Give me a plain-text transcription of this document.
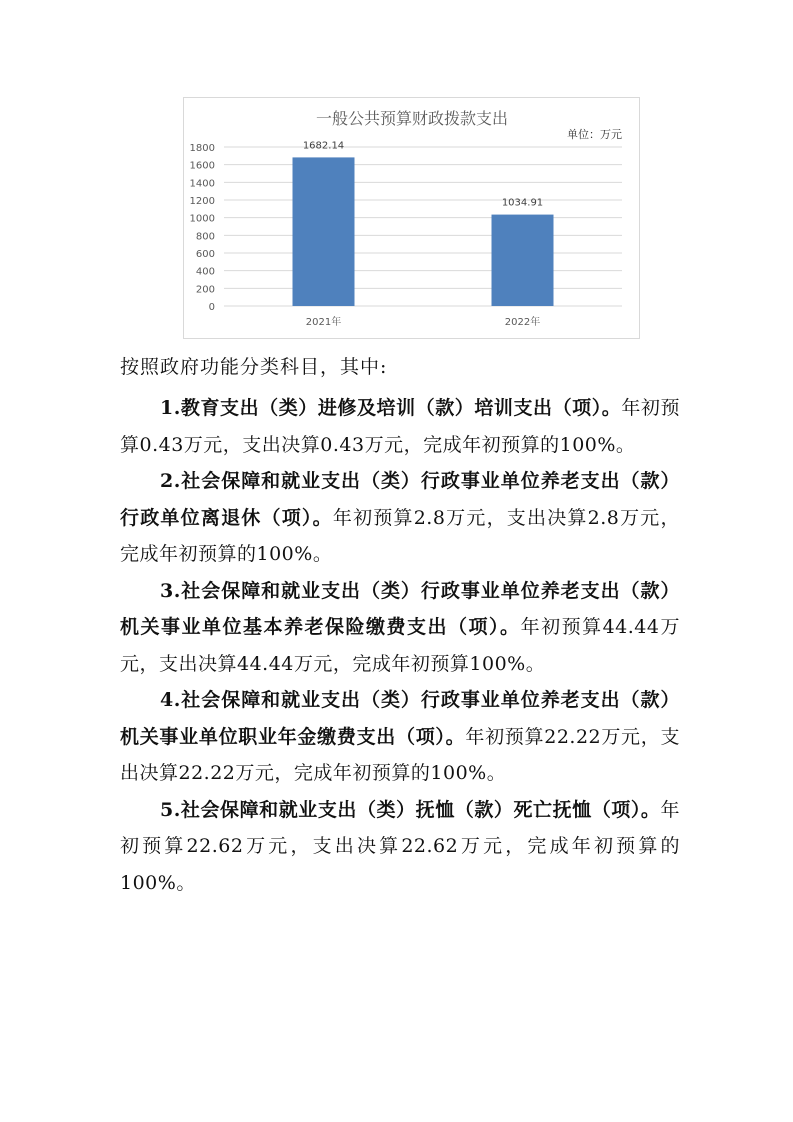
一般公共预算财政拨款支出
单位：万元
0
200
400
600
800
1000
1200
1400
1600
1800	1682.14
2021年
1034.91
2022年

按照政府功能分类科目，其中:

1.教育支出（类）进修及培训（款）培训支出（项）。年初预算0.43万元，支出决算0.43万元，完成年初预算的100%。

2.社会保障和就业支出（类）行政事业单位养老支出（款）行政单位离退休（项）。年初预算2.8万元，支出决算2.8万元，完成年初预算的100%。

3.社会保障和就业支出（类）行政事业单位养老支出（款） 机关事业单位基本养老保险缴费支出（项）。年初预算44.44万元，支出决算44.44万元，完成年初预算100%。

4.社会保障和就业支出（类）行政事业单位养老支出（款）机关事业单位职业年金缴费支出（项）。年初预算22.22万元，支出决算22.22万元，完成年初预算的100%。

5.社会保障和就业支出（类）抚恤（款）死亡抚恤（项）。年初预算22.62万元，支出决算22.62万元，完成年初预算的100%。
